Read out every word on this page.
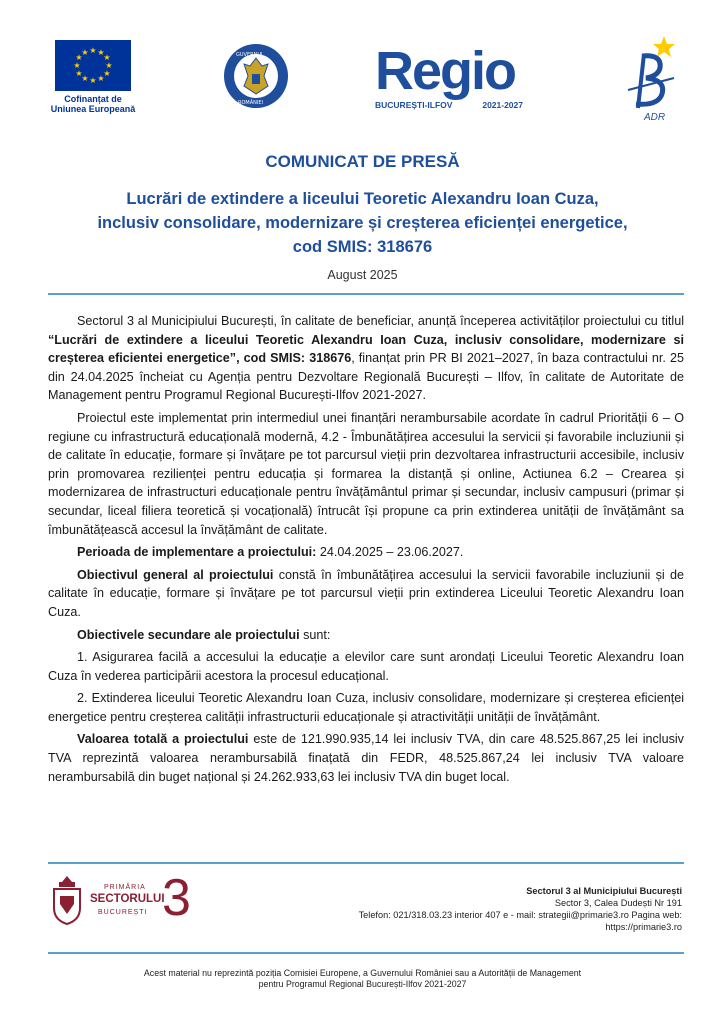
★ ★
★
★
★
★
★
★
★
★
★
★
Cofinanțat de
Uniunea Europeană
GUVERNUL
ROMÂNIEI
Regio
BUCUREȘTI-ILFOV	2021-2027
ADR
COMUNICAT DE PRESĂ
Lucrări de extindere a liceului Teoretic Alexandru Ioan Cuza,
inclusiv consolidare, modernizare și creșterea eficienței energetice,
cod SMIS: 318676
August 2025

Sectorul 3 al Municipiului București, în calitate de beneficiar, anunță începerea activităților proiectului cu titlul “Lucrări de extindere a liceului Teoretic Alexandru Ioan Cuza, inclusiv consolidare, modernizare si creșterea eficientei energetice”, cod SMIS: 318676, finanțat prin PR BI 2021–2027, în baza contractului nr. 25 din 24.04.2025 încheiat cu Agenția pentru Dezvoltare Regională București – Ilfov, în calitate de Autoritate de Management pentru Programul Regional București-Ilfov 2021-2027.

Proiectul este implementat prin intermediul unei finanțări nerambursabile acordate în cadrul Priorității 6 – O regiune cu infrastructură educațională modernă, 4.2 - Îmbunătățirea accesului la servicii și favorabile incluziunii și de calitate în educație, formare și învățare pe tot parcursul vieții prin dezvoltarea infrastructurii accesibile, inclusiv prin promovarea rezilienței pentru educația și formarea la distanță și online, Actiunea 6.2 – Crearea și modernizarea de infrastructuri educaționale pentru învățământul primar și secundar, inclusiv campusuri (primar și secundar, liceal filiera teoretică și vocațională) întrucât își propune ca prin extinderea unității de învățământ sa îmbunătățească accesul la învățământ de calitate.

Perioada de implementare a proiectului: 24.04.2025 – 23.06.2027.

Obiectivul general al proiectului constă în îmbunătățirea accesului la servicii favorabile incluziunii și de calitate în educație, formare și învățare pe tot parcursul vieții prin extinderea Liceului Teoretic Alexandru Ioan Cuza.

Obiectivele secundare ale proiectului sunt:

1. Asigurarea facilă a accesului la educație a elevilor care sunt arondați Liceului Teoretic Alexandru Ioan Cuza în vederea participării acestora la procesul educațional.

2. Extinderea liceului Teoretic Alexandru Ioan Cuza, inclusiv consolidare, modernizare și creșterea eficienței energetice pentru creșterea calității infrastructurii educaționale și atractivității unității de învățământ.

Valoarea totală a proiectului este de 121.990.935,14 lei inclusiv TVA, din care 48.525.867,25 lei inclusiv TVA reprezintă valoarea nerambursabilă finațată din FEDR, 48.525.867,24 lei inclusiv TVA valoare nerambursabilă din buget național și 24.262.933,63 lei inclusiv TVA din buget local.

PRIMĂRIA
SECTORULUI
BUCUREȘTI 3	Sectorul 3 al Municipiului București
Sector 3, Calea Dudești Nr 191
Telefon: 021/318.03.23 interior 407 e - mail: strategii@primarie3.ro Pagina web:
https://primarie3.ro
Acest material nu reprezintă poziția Comisiei Europene, a Guvernului României sau a Autorității de Management
pentru Programul Regional București-Ilfov 2021-2027
